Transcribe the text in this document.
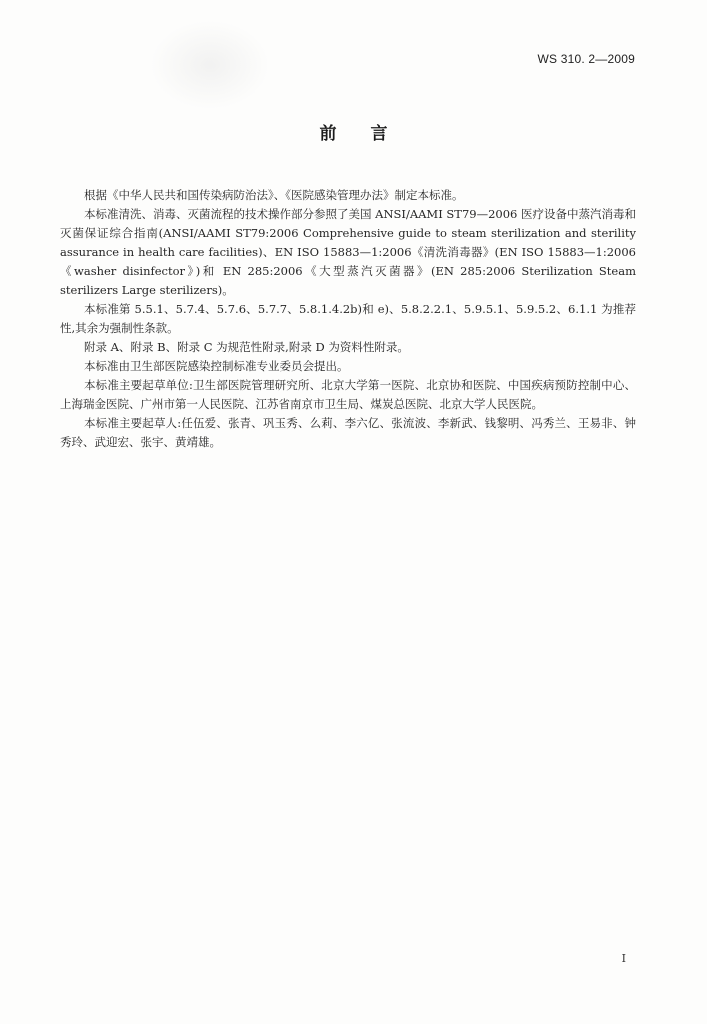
WS 310. 2—2009
前言

根据《中华人民共和国传染病防治法》、《医院感染管理办法》制定本标准。

本标准清洗、消毒、灭菌流程的技术操作部分参照了美国 ANSI/AAMI ST79—2006 医疗设备中蒸汽消毒和灭菌保证综合指南(ANSI/AAMI ST79:2006 Comprehensive guide to steam sterilization and sterility assurance in health care facilities)、EN ISO 15883—1:2006《清洗消毒器》(EN ISO 15883—1:2006《washer disinfector》)和 EN 285:2006《大型蒸汽灭菌器》(EN 285:2006 Sterilization Steam sterilizers Large sterilizers)。

本标准第 5.5.1、5.7.4、5.7.6、5.7.7、5.8.1.4.2b)和 e)、5.8.2.2.1、5.9.5.1、5.9.5.2、6.1.1 为推荐性,其余为强制性条款。

附录 A、附录 B、附录 C 为规范性附录,附录 D 为资料性附录。

本标准由卫生部医院感染控制标准专业委员会提出。

本标准主要起草单位:卫生部医院管理研究所、北京大学第一医院、北京协和医院、中国疾病预防控制中心、上海瑞金医院、广州市第一人民医院、江苏省南京市卫生局、煤炭总医院、北京大学人民医院。

本标准主要起草人:任伍爱、张青、巩玉秀、么莉、李六亿、张流波、李新武、钱黎明、冯秀兰、王易非、钟秀玲、武迎宏、张宇、黄靖雄。

I
